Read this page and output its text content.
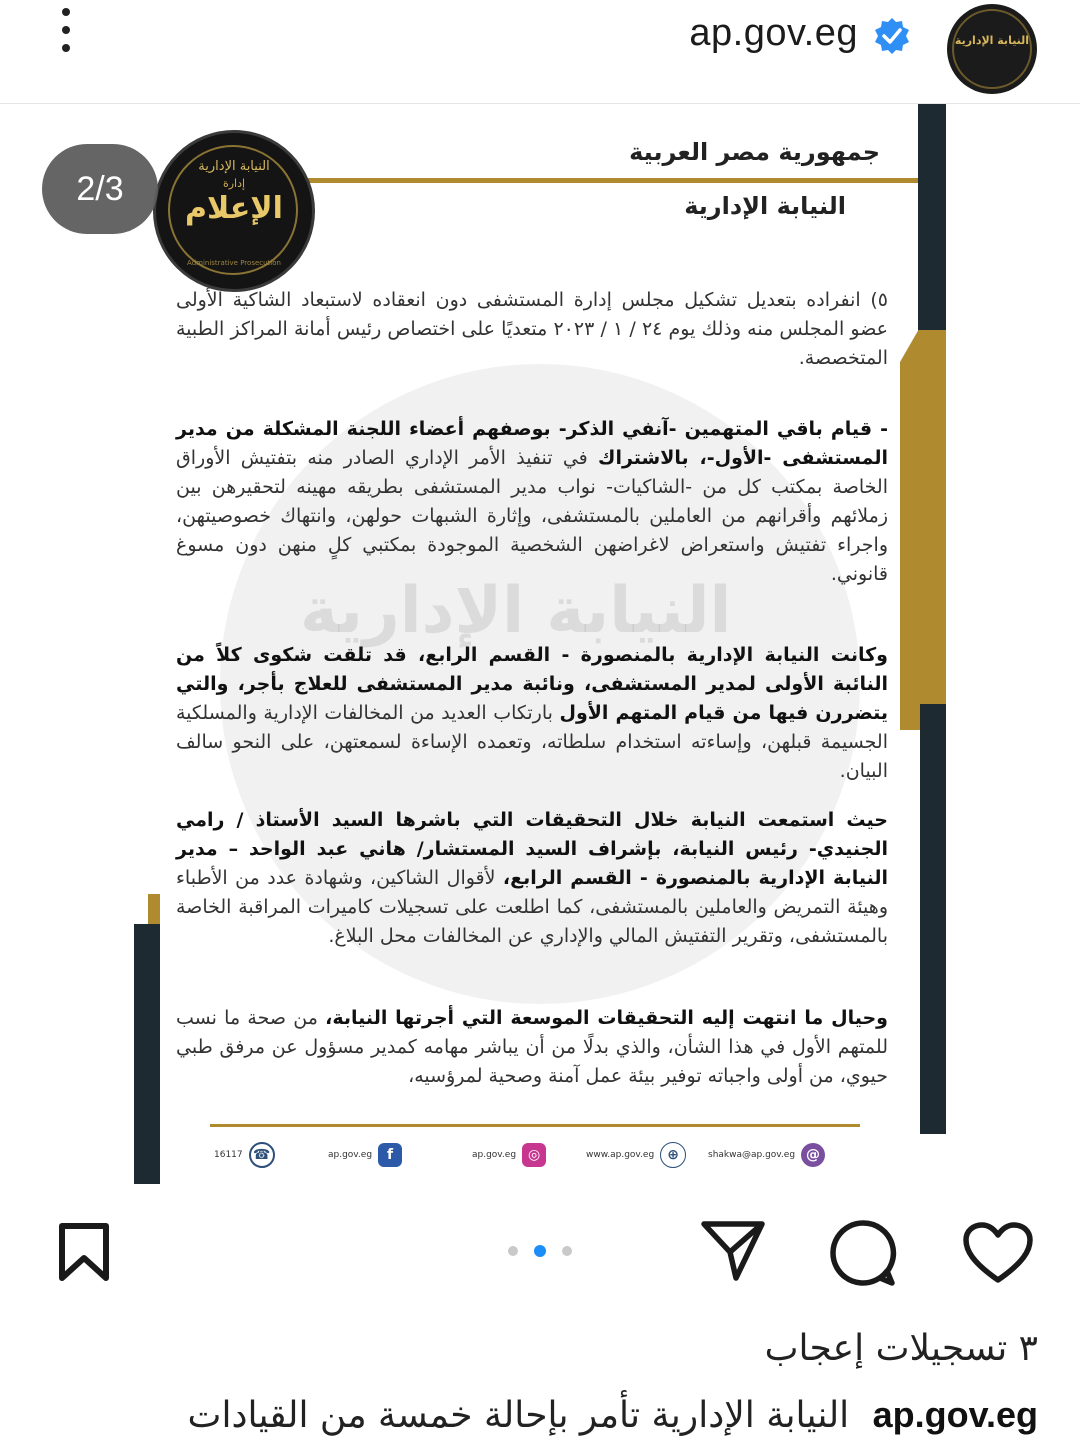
ap.gov.eg	النيابة الإدارية
النيابة الإدارية
جمهورية مصر العربية
النيابة الإدارية
النيابة الإدارية
إدارة
الإعلام
Administrative Prosecution
2/3
٥) انفراده بتعديل تشكيل مجلس إدارة المستشفى دون انعقاده لاستبعاد الشاكية الأولى عضو المجلس منه وذلك يوم ٢٤ / ١ / ٢٠٢٣ متعديًا على اختصاص رئيس أمانة المراكز الطبية المتخصصة.
- قيام باقي المتهمين -آنفي الذكر- بوصفهم أعضاء اللجنة المشكلة من مدير المستشفى -الأول-، بالاشتراك في تنفيذ الأمر الإداري الصادر منه بتفتيش الأوراق الخاصة بمكتب كل من -الشاكيات- نواب مدير المستشفى بطريقه مهينه لتحقيرهن بين زملائهم وأقرانهم من العاملين بالمستشفى، وإثارة الشبهات حولهن، وانتهاك خصوصيتهن، واجراء تفتيش واستعراض لاغراضهن الشخصية الموجودة بمكتبي كلٍ منهن دون مسوغ قانوني.
وكانت النيابة الإدارية بالمنصورة - القسم الرابع، قد تلقت شكوى كلاً من النائبة الأولى لمدير المستشفى، ونائبة مدير المستشفى للعلاج بأجر، والتي يتضررن فيها من قيام المتهم الأول بارتكاب العديد من المخالفات الإدارية والمسلكية الجسيمة قبلهن، وإساءته استخدام سلطاته، وتعمده الإساءة لسمعتهن، على النحو سالف البيان.
حيث استمعت النيابة خلال التحقيقات التي باشرها السيد الأستاذ / رامي الجنيدي- رئيس النيابة، بإشراف السيد المستشار/ هاني عبد الواحد – مدير النيابة الإدارية بالمنصورة - القسم الرابع، لأقوال الشاكين، وشهادة عدد من الأطباء وهيئة التمريض والعاملين بالمستشفى، كما اطلعت على تسجيلات كاميرات المراقبة الخاصة بالمستشفى، وتقرير التفتيش المالي والإداري عن المخالفات محل البلاغ.
وحيال ما انتهت إليه التحقيقات الموسعة التي أجرتها النيابة، من صحة ما نسب للمتهم الأول في هذا الشأن، والذي بدلًا من أن يباشر مهامه كمدير مسؤول عن مرفق طبي حيوي، من أولى واجباته توفير بيئة عمل آمنة وصحية لمرؤسيه،
16117 ☎	ap.gov.eg	f	ap.gov.eg ◎	www.ap.gov.eg ⊕	shakwa@ap.gov.eg @
٣ تسجيلات إعجاب
ap.gov.eg النيابة الإدارية تأمر بإحالة خمسة من القيادات
